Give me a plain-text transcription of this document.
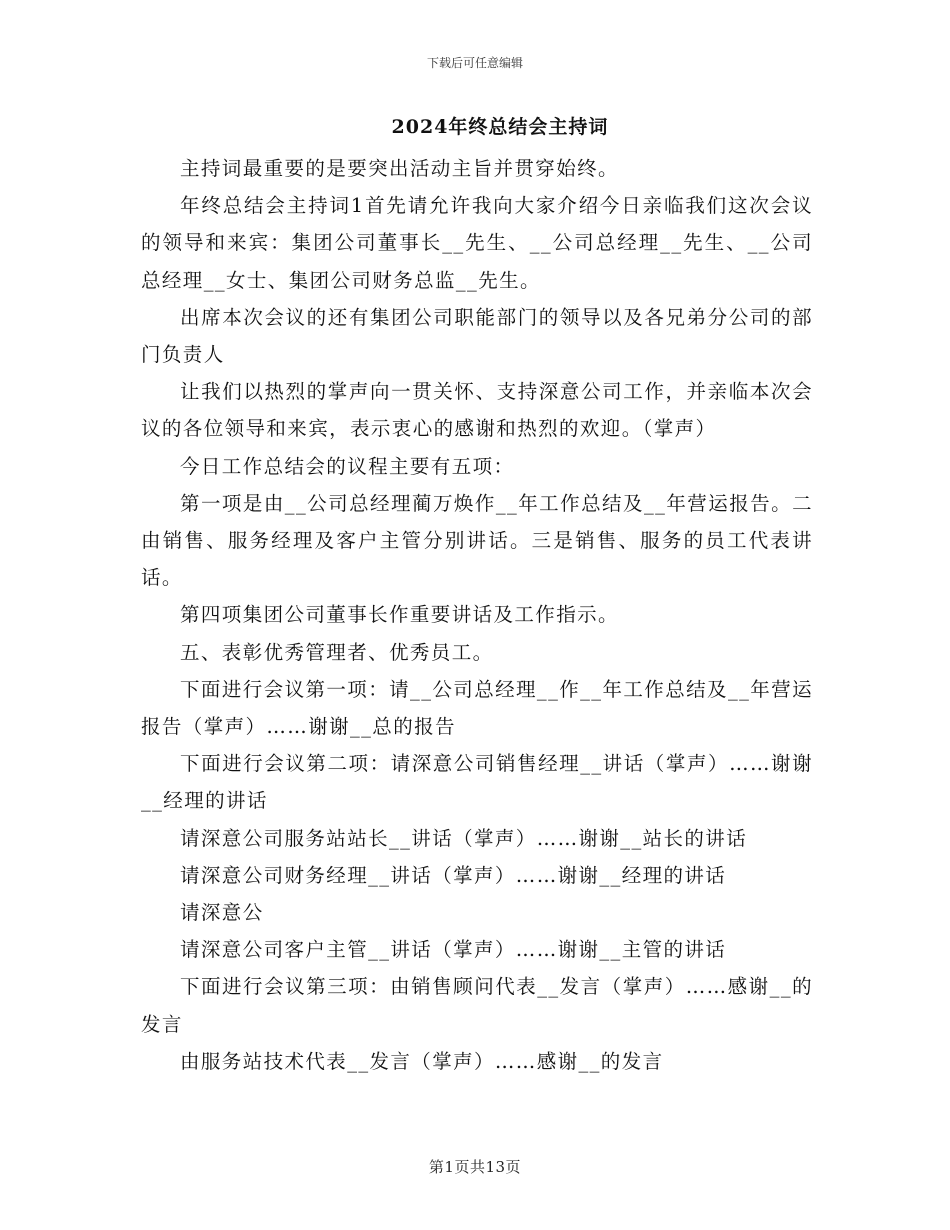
下载后可任意编辑
2024年终总结会主持词

主持词最重要的是要突出活动主旨并贯穿始终。

年终总结会主持词1首先请允许我向大家介绍今日亲临我们这次会议的领导和来宾：集团公司董事长__先生、__公司总经理__先生、__公司总经理__女士、集团公司财务总监__先生。

出席本次会议的还有集团公司职能部门的领导以及各兄弟分公司的部门负责人

让我们以热烈的掌声向一贯关怀、支持深意公司工作，并亲临本次会议的各位领导和来宾，表示衷心的感谢和热烈的欢迎。（掌声）

今日工作总结会的议程主要有五项：

第一项是由__公司总经理蔺万焕作__年工作总结及__年营运报告。二由销售、服务经理及客户主管分别讲话。三是销售、服务的员工代表讲话。

第四项集团公司董事长作重要讲话及工作指示。

五、表彰优秀管理者、优秀员工。

下面进行会议第一项：请__公司总经理__作__年工作总结及__年营运报告（掌声）……谢谢__总的报告

下面进行会议第二项：请深意公司销售经理__讲话（掌声）……谢谢__经理的讲话

请深意公司服务站站长__讲话（掌声）……谢谢__站长的讲话

请深意公司财务经理__讲话（掌声）……谢谢__经理的讲话

请深意公

请深意公司客户主管__讲话（掌声）……谢谢__主管的讲话

下面进行会议第三项：由销售顾问代表__发言（掌声）……感谢__的发言

由服务站技术代表__发言（掌声）……感谢__的发言

第1页共13页
